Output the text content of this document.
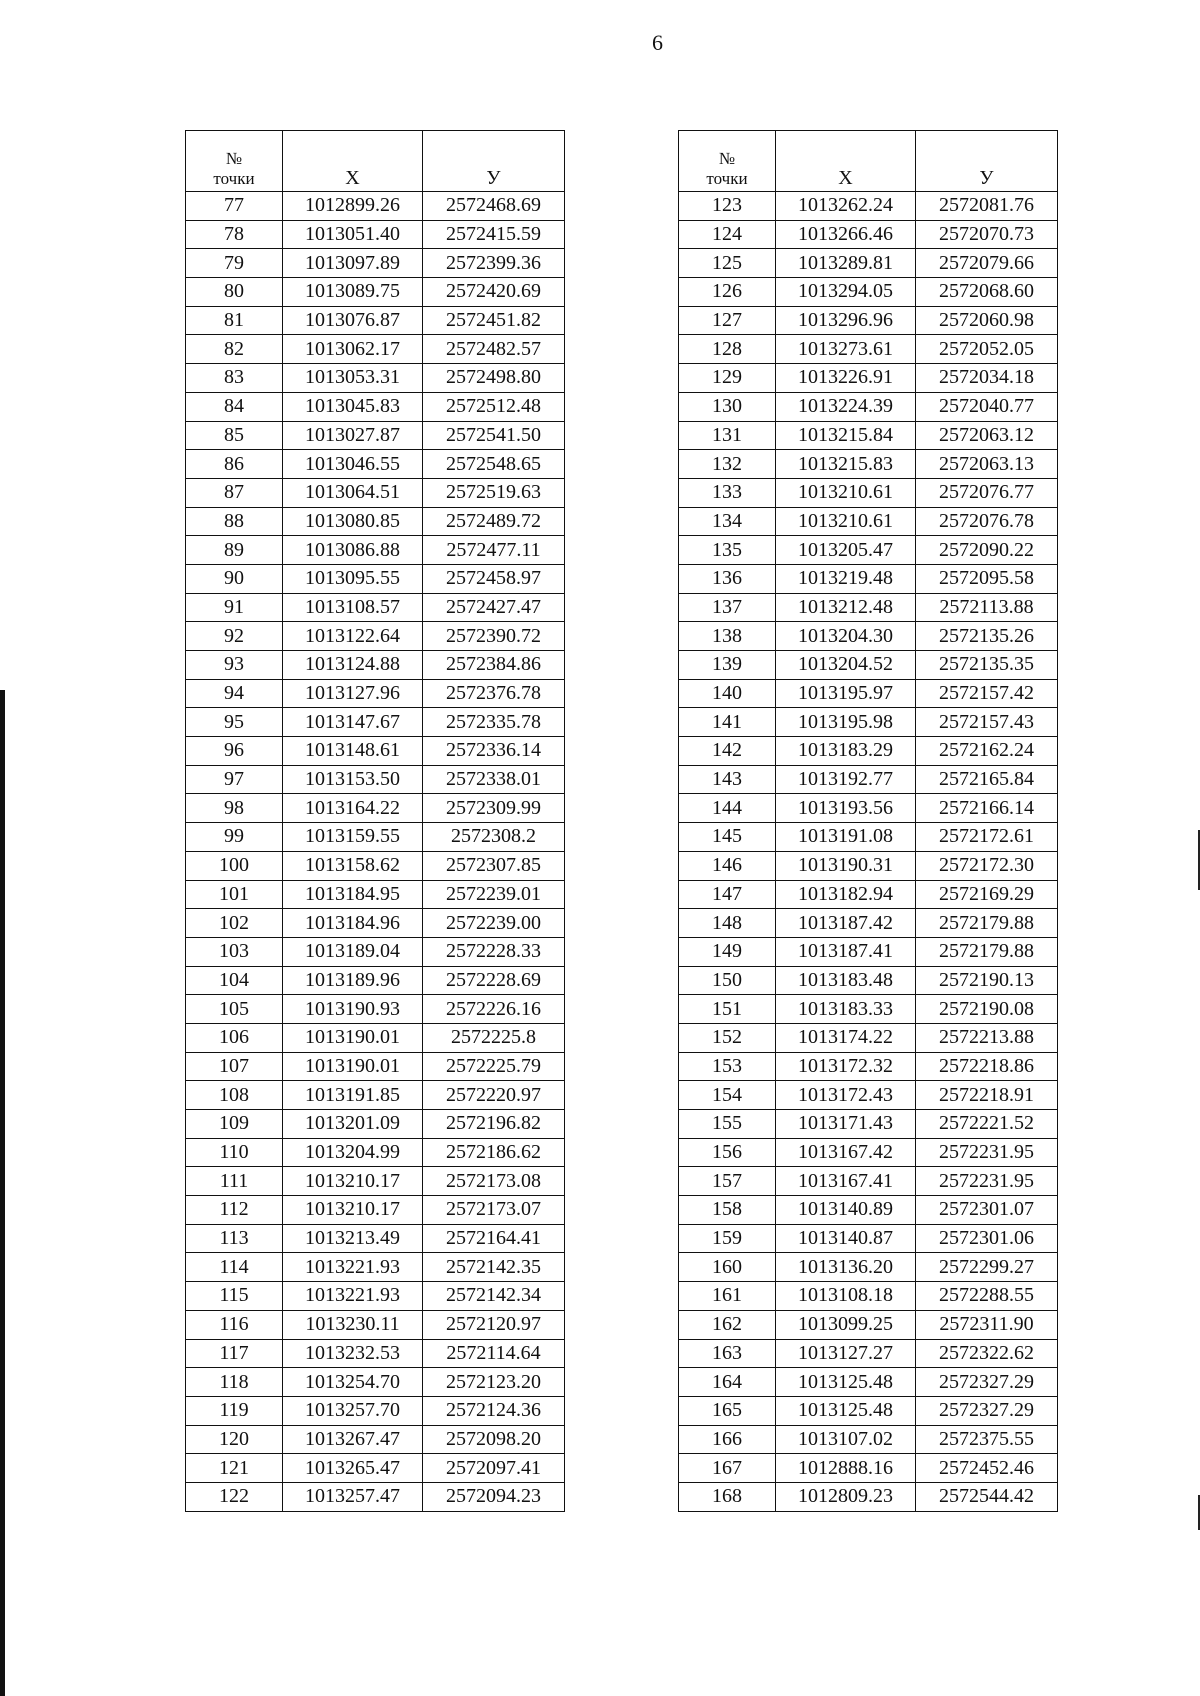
6
№
точки	X	У
77	1012899.26	2572468.69
78	1013051.40	2572415.59
79	1013097.89	2572399.36
80	1013089.75	2572420.69
81	1013076.87	2572451.82
82	1013062.17	2572482.57
83	1013053.31	2572498.80
84	1013045.83	2572512.48
85	1013027.87	2572541.50
86	1013046.55	2572548.65
87	1013064.51	2572519.63
88	1013080.85	2572489.72
89	1013086.88	2572477.11
90	1013095.55	2572458.97
91	1013108.57	2572427.47
92	1013122.64	2572390.72
93	1013124.88	2572384.86
94	1013127.96	2572376.78
95	1013147.67	2572335.78
96	1013148.61	2572336.14
97	1013153.50	2572338.01
98	1013164.22	2572309.99
99	1013159.55	2572308.2
100	1013158.62	2572307.85
101	1013184.95	2572239.01
102	1013184.96	2572239.00
103	1013189.04	2572228.33
104	1013189.96	2572228.69
105	1013190.93	2572226.16
106	1013190.01	2572225.8
107	1013190.01	2572225.79
108	1013191.85	2572220.97
109	1013201.09	2572196.82
110	1013204.99	2572186.62
111	1013210.17	2572173.08
112	1013210.17	2572173.07
113	1013213.49	2572164.41
114	1013221.93	2572142.35
115	1013221.93	2572142.34
116	1013230.11	2572120.97
117	1013232.53	2572114.64
118	1013254.70	2572123.20
119	1013257.70	2572124.36
120	1013267.47	2572098.20
121	1013265.47	2572097.41
122	1013257.47	2572094.23
№
точки	X	У
123	1013262.24	2572081.76
124	1013266.46	2572070.73
125	1013289.81	2572079.66
126	1013294.05	2572068.60
127	1013296.96	2572060.98
128	1013273.61	2572052.05
129	1013226.91	2572034.18
130	1013224.39	2572040.77
131	1013215.84	2572063.12
132	1013215.83	2572063.13
133	1013210.61	2572076.77
134	1013210.61	2572076.78
135	1013205.47	2572090.22
136	1013219.48	2572095.58
137	1013212.48	2572113.88
138	1013204.30	2572135.26
139	1013204.52	2572135.35
140	1013195.97	2572157.42
141	1013195.98	2572157.43
142	1013183.29	2572162.24
143	1013192.77	2572165.84
144	1013193.56	2572166.14
145	1013191.08	2572172.61
146	1013190.31	2572172.30
147	1013182.94	2572169.29
148	1013187.42	2572179.88
149	1013187.41	2572179.88
150	1013183.48	2572190.13
151	1013183.33	2572190.08
152	1013174.22	2572213.88
153	1013172.32	2572218.86
154	1013172.43	2572218.91
155	1013171.43	2572221.52
156	1013167.42	2572231.95
157	1013167.41	2572231.95
158	1013140.89	2572301.07
159	1013140.87	2572301.06
160	1013136.20	2572299.27
161	1013108.18	2572288.55
162	1013099.25	2572311.90
163	1013127.27	2572322.62
164	1013125.48	2572327.29
165	1013125.48	2572327.29
166	1013107.02	2572375.55
167	1012888.16	2572452.46
168	1012809.23	2572544.42
